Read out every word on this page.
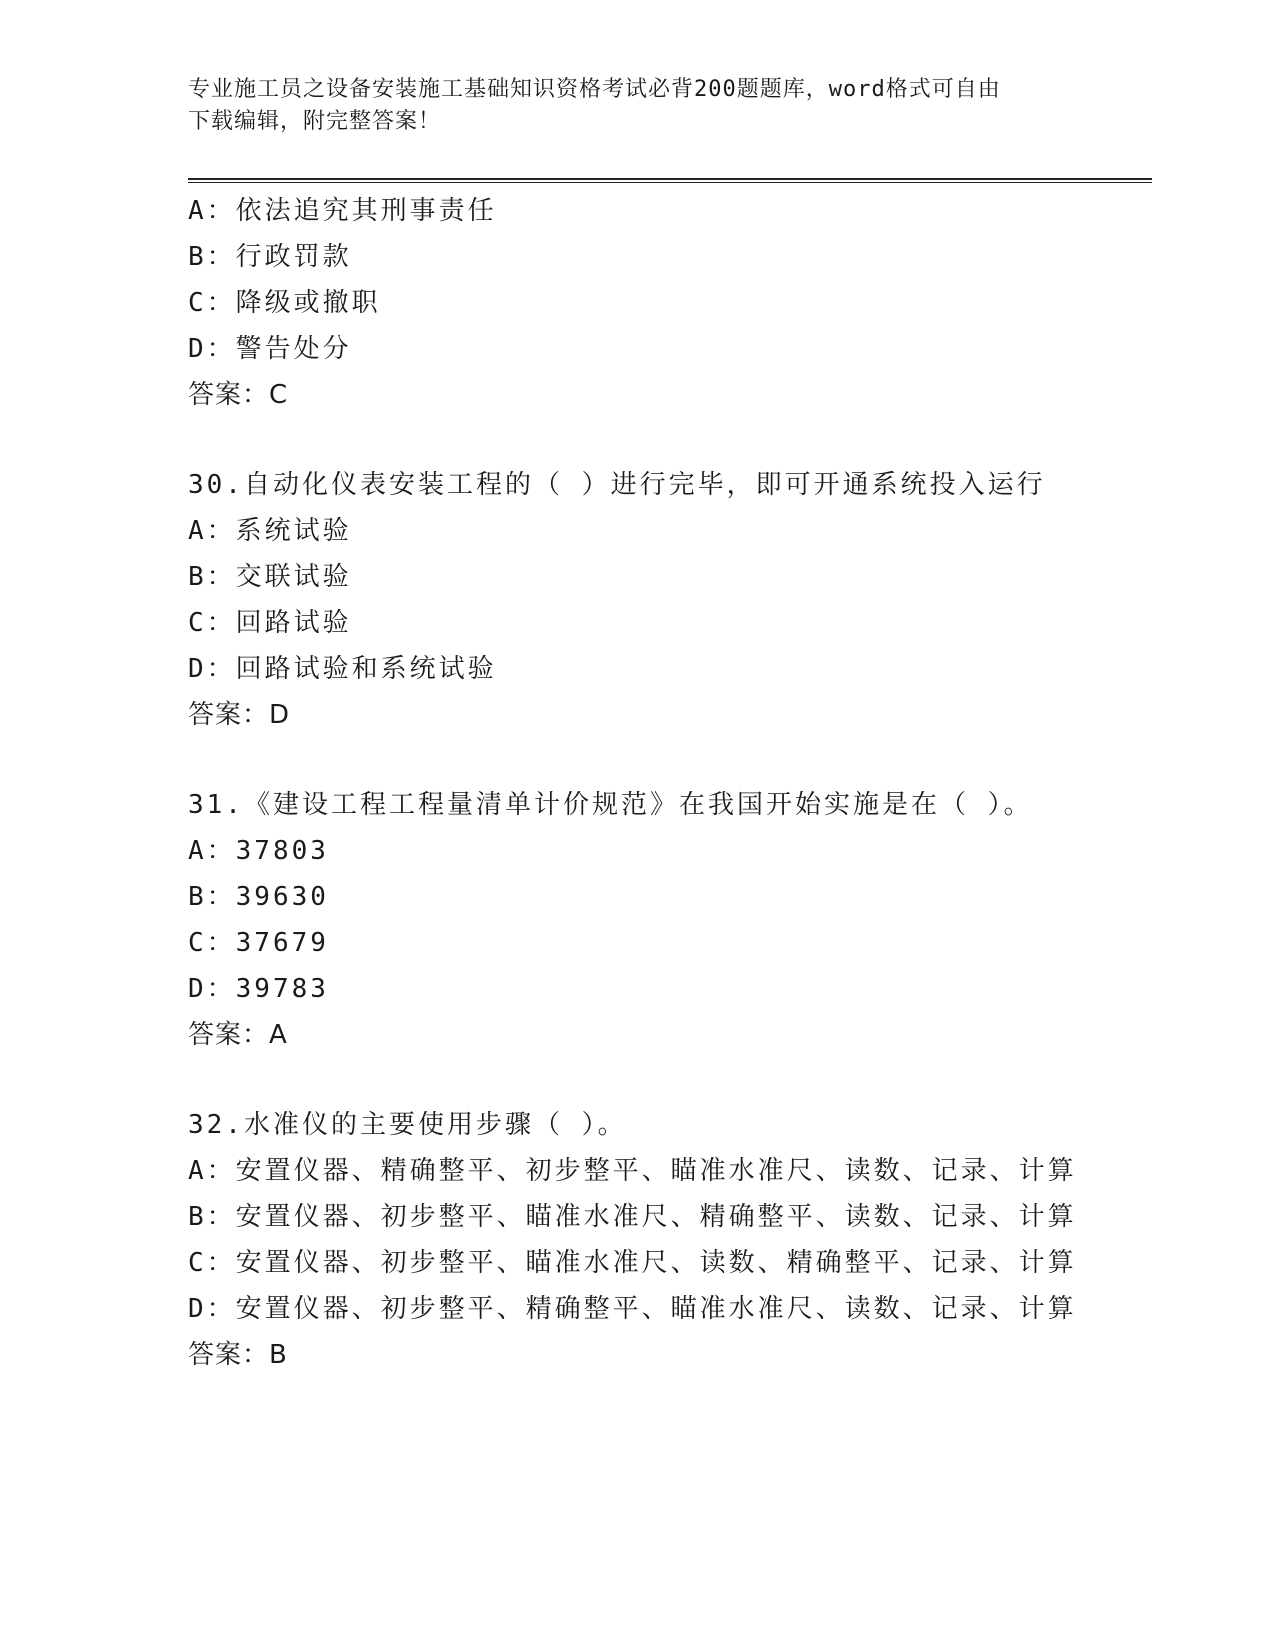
专业施工员之设备安装施工基础知识资格考试必背200题题库，word格式可自由
下载编辑，附完整答案！
A：依法追究其刑事责任
B：行政罚款
C：降级或撤职
D：警告处分
答案：C
30.自动化仪表安装工程的（ ）进行完毕，即可开通系统投入运行
A：系统试验
B：交联试验
C：回路试验
D：回路试验和系统试验
答案：D
31.《建设工程工程量清单计价规范》在我国开始实施是在（ ）。
A：37803
B：39630
C：37679
D：39783
答案：A
32.水准仪的主要使用步骤（ ）。
A：安置仪器、精确整平、初步整平、瞄准水准尺、读数、记录、计算
B：安置仪器、初步整平、瞄准水准尺、精确整平、读数、记录、计算
C：安置仪器、初步整平、瞄准水准尺、读数、精确整平、记录、计算
D：安置仪器、初步整平、精确整平、瞄准水准尺、读数、记录、计算
答案：B
